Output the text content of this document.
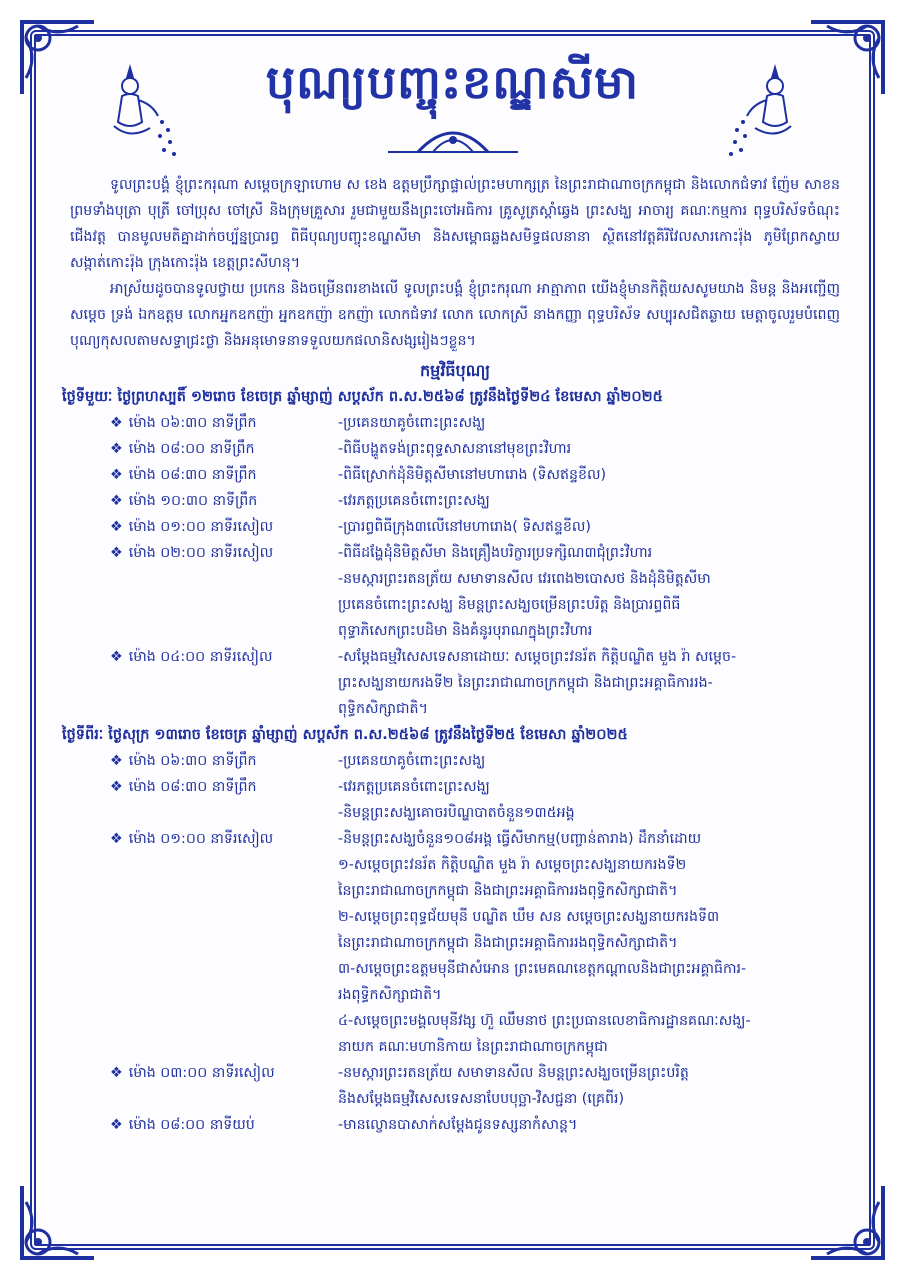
បុណ្យបញ្ចុះខណ្ឌសីមា

ទូលព្រះបង្គំ ខ្ញុំព្រះករុណា សម្តេចក្រឡាហោម ស ខេង ឧត្តមប្រឹក្សាផ្ទាល់ព្រះមហាក្សត្រ នៃព្រះរាជាណាចក្រកម្ពុជា និងលោកជំទាវ ញ៉ែម សាខន ព្រមទាំងបុត្រា បុត្រី ចៅប្រុស ចៅស្រី និងក្រុមគ្រួសារ រួមជាមួយនឹងព្រះចៅអធិការ គ្រូសូត្រស្តាំឆ្វេង ព្រះសង្ឃ អាចារ្យ គណៈកម្មការ ពុទ្ធបរិស័ទចំណុះជើងវត្ត បានមូលមតិគ្នាដាក់ចប្ប័ន្នប្រារព្ធ ពិធីបុណ្យបញ្ចុះខណ្ឌសីមា និងសម្ពោធឆ្លងសមិទ្ធផលនានា ស្ថិតនៅវត្តគិរីវែលសារកោះរ៉ុង ភូមិព្រែកស្វាយ សង្កាត់កោះរ៉ុង ក្រុងកោះរ៉ុង ខេត្តព្រះសីហនុ។

អាស្រ័យដូចបានទូលថ្វាយ ប្រកេន និងចម្រើនពរខាងលើ ទូលព្រះបង្គំ ខ្ញុំព្រះករុណា អាត្មាភាព យើងខ្ញុំមានកិត្តិយសសូមយាង និមន្ត និងអញ្ជើញ សម្តេច ទ្រង់ ឯកឧត្តម លោកអ្នកឧកញ៉ា អ្នកឧកញ៉ា ឧកញ៉ា លោកជំទាវ លោក លោកស្រី នាងកញ្ញា ពុទ្ធបរិស័ទ សប្បុរសជិតឆ្ងាយ មេត្តាចូលរួមបំពេញបុណ្យកុសលតាមសទ្ធាជ្រះថ្លា និងអនុមោទនាទទួលយកផលានិសង្សរៀងៗខ្លួន។

កម្មវិធីបុណ្យ
ថ្ងៃទីមួយៈ ថ្ងៃព្រហស្បតិ៍ ១២រោច ខែចេត្រ ឆ្នាំម្សាញ់ សប្តស័ក ព.ស.២៥៦៨ ត្រូវនឹងថ្ងៃទី២៤ ខែមេសា ឆ្នាំ២០២៥
❖ ម៉ោង ០៦:៣០ នាទីព្រឹក	-ប្រគេនយាគូចំពោះព្រះសង្ឃ
❖ ម៉ោង ០៨:០០ នាទីព្រឹក	-ពិធីបង្ហូតទង់ព្រះពុទ្ធសាសនានៅមុខព្រះវិហារ
❖ ម៉ោង ០៨:៣០ នាទីព្រឹក	-ពិធីស្រោក់ដុំនិមិត្តសីមានៅមហារោង (ទិសឥន្ទខីល)
❖ ម៉ោង ១០:៣០ នាទីព្រឹក	-វេរភត្តប្រគេនចំពោះព្រះសង្ឃ
❖ ម៉ោង ០១:០០ នាទីរសៀល	-ប្រារព្ធពិធីក្រុង៣លើនៅមហារោង( ទិសឥន្ទខីល)
❖ ម៉ោង ០២:០០ នាទីរសៀល	-ពិធីដង្ហែដុំនិមិត្តសីមា និងគ្រឿងបរិក្ខារប្រទក្សិណ៣ជុំព្រះវិហារ
-នមស្ការព្រះរតនត្រ័យ សមាទានសីល វេរពេង២បោសថ និងដុំនិមិត្តសីមា
ប្រគេនចំពោះព្រះសង្ឃ និមន្តព្រះសង្ឃចម្រើនព្រះបរិត្ត និងប្រារព្ធពិធី
ពុទ្ធាភិសេកព្រះបដិមា និងគំនូរបុរាណក្នុងព្រះវិហារ
❖ ម៉ោង ០៤:០០ នាទីរសៀល	-សម្តែងធម្មវិសេសទេសនាដោយៈ សម្តេចព្រះវនរ័ត កិត្តិបណ្ឌិត មួង រ៉ា សម្តេច-
ព្រះសង្ឃនាយករងទី២ នៃព្រះរាជាណាចក្រកម្ពុជា និងជាព្រះអគ្គាធិការរង-
ពុទ្ធិកសិក្សាជាតិ។
ថ្ងៃទីពីរៈ ថ្ងៃសុក្រ ១៣រោច ខែចេត្រ ឆ្នាំម្សាញ់ សប្តស័ក ព.ស.២៥៦៨ ត្រូវនឹងថ្ងៃទី២៥ ខែមេសា ឆ្នាំ២០២៥
❖ ម៉ោង ០៦:៣០ នាទីព្រឹក	-ប្រគេនយាគូចំពោះព្រះសង្ឃ
❖ ម៉ោង ០៨:៣០ នាទីព្រឹក	-វេរភត្តប្រគេនចំពោះព្រះសង្ឃ
-និមន្តព្រះសង្ឃគោចរបិណ្ឌបាតចំនួន១៣៥អង្គ
❖ ម៉ោង ០១:០០ នាទីរសៀល	-និមន្តព្រះសង្ឃចំនួន១០៨អង្គ ធ្វើសីមាកម្ម(បញ្ចាន់តារាង) ដឹកនាំដោយ
១-សម្តេចព្រះវនរ័ត កិត្តិបណ្ឌិត មួង រ៉ា សម្តេចព្រះសង្ឃនាយករងទី២
នៃព្រះរាជាណាចក្រកម្ពុជា និងជាព្រះអគ្គាធិការរងពុទ្ធិកសិក្សាជាតិ។
២-សម្តេចព្រះពុទ្ធជ័យមុនី បណ្ឌិត ឃឹម សន សម្តេចព្រះសង្ឃនាយករងទី៣
នៃព្រះរាជាណាចក្រកម្ពុជា និងជាព្រះអគ្គាធិការរងពុទ្ធិកសិក្សាជាតិ។
៣-សម្តេចព្រះឧត្តមមុនីជាសំអោន ព្រះមេគណខេត្តកណ្តាលនិងជាព្រះអគ្គាធិការ-
រងពុទ្ធិកសិក្សាជាតិ។
៤-សម្តេចព្រះមង្គលមុនីវង្ស ហ៊ួ ឈឹមនាថ ព្រះប្រធានលេខាធិការដ្ឋានគណៈសង្ឃ-
នាយក គណៈមហានិកាយ នៃព្រះរាជាណាចក្រកម្ពុជា
❖ ម៉ោង ០៣:០០ នាទីរសៀល	-នមស្ការព្រះរតនត្រ័យ សមាទានសីល និមន្តព្រះសង្ឃចម្រើនព្រះបរិត្ត
និងសម្តែងធម្មវិសេសទេសនាបែបបុច្ឆា-វិសជ្ជនា (គ្រេពីរ)
❖ ម៉ោង ០៨:០០ នាទីយប់	-មានល្ខោនបាសាក់សម្តែងជូនទស្សនាកំសាន្ត។
